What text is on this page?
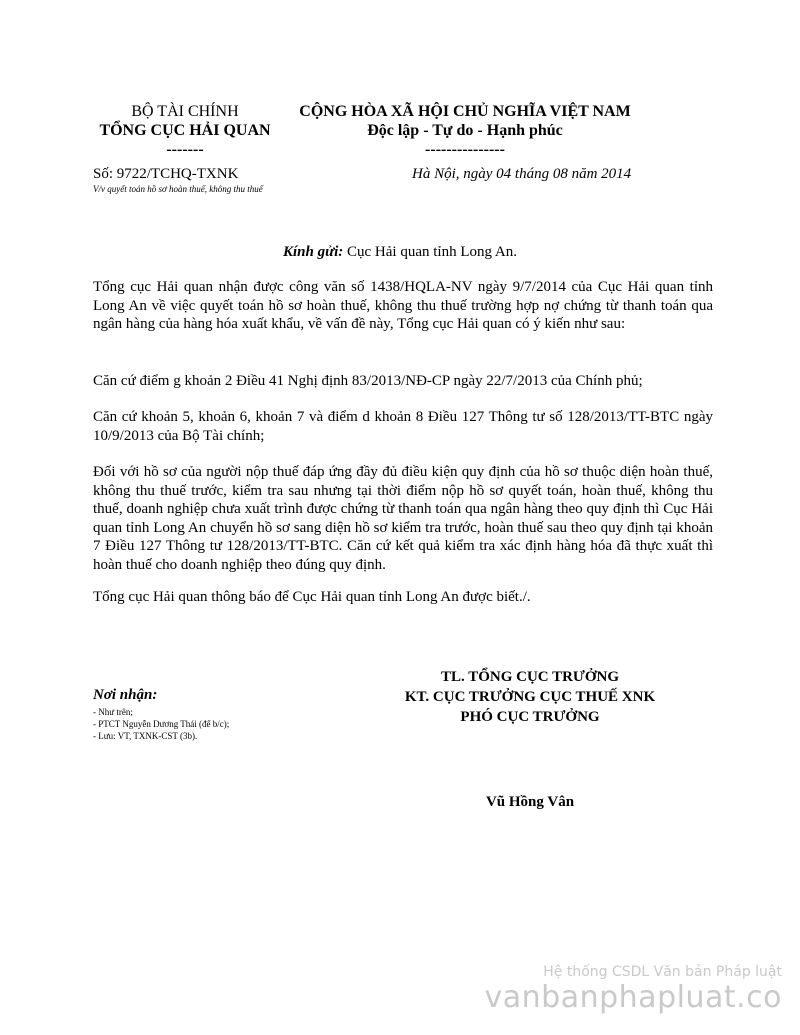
BỘ TÀI CHÍNH
TỔNG CỤC HẢI QUAN
-------
CỘNG HÒA XÃ HỘI CHỦ NGHĨA VIỆT NAM
Độc lập - Tự do - Hạnh phúc
---------------
Số: 9722/TCHQ-TXNK
V/v quyết toán hồ sơ hoàn thuế, không thu thuế
Hà Nội, ngày 04 tháng 08 năm 2014
Kính gửi: Cục Hải quan tỉnh Long An.
Tổng cục Hải quan nhận được công văn số 1438/HQLA-NV ngày 9/7/2014 của Cục Hải quan tỉnh Long An về việc quyết toán hồ sơ hoàn thuế, không thu thuế trường hợp nợ chứng từ thanh toán qua ngân hàng của hàng hóa xuất khẩu, về vấn đề này, Tổng cục Hải quan có ý kiến như sau:
Căn cứ điểm g khoản 2 Điều 41 Nghị định 83/2013/NĐ-CP ngày 22/7/2013 của Chính phủ;
Căn cứ khoản 5, khoản 6, khoản 7 và điểm d khoản 8 Điều 127 Thông tư số 128/2013/TT-BTC ngày 10/9/2013 của Bộ Tài chính;
Đối với hồ sơ của người nộp thuế đáp ứng đầy đủ điều kiện quy định của hồ sơ thuộc diện hoàn thuế, không thu thuế trước, kiểm tra sau nhưng tại thời điểm nộp hồ sơ quyết toán, hoàn thuế, không thu thuế, doanh nghiệp chưa xuất trình được chứng từ thanh toán qua ngân hàng theo quy định thì Cục Hải quan tỉnh Long An chuyển hồ sơ sang diện hồ sơ kiểm tra trước, hoàn thuế sau theo quy định tại khoản 7 Điều 127 Thông tư 128/2013/TT-BTC. Căn cứ kết quả kiểm tra xác định hàng hóa đã thực xuất thì hoàn thuế cho doanh nghiệp theo đúng quy định.
Tổng cục Hải quan thông báo để Cục Hải quan tỉnh Long An được biết./.
Nơi nhận:
- Như trên;
- PTCT Nguyễn Dương Thái (để b/c);
- Lưu: VT, TXNK-CST (3b).
TL. TỔNG CỤC TRƯỞNG
KT. CỤC TRƯỞNG CỤC THUẾ XNK
PHÓ CỤC TRƯỞNG
Vũ Hồng Vân
Hệ thống CSDL Văn bản Pháp luật
vanbanphapluat.co
